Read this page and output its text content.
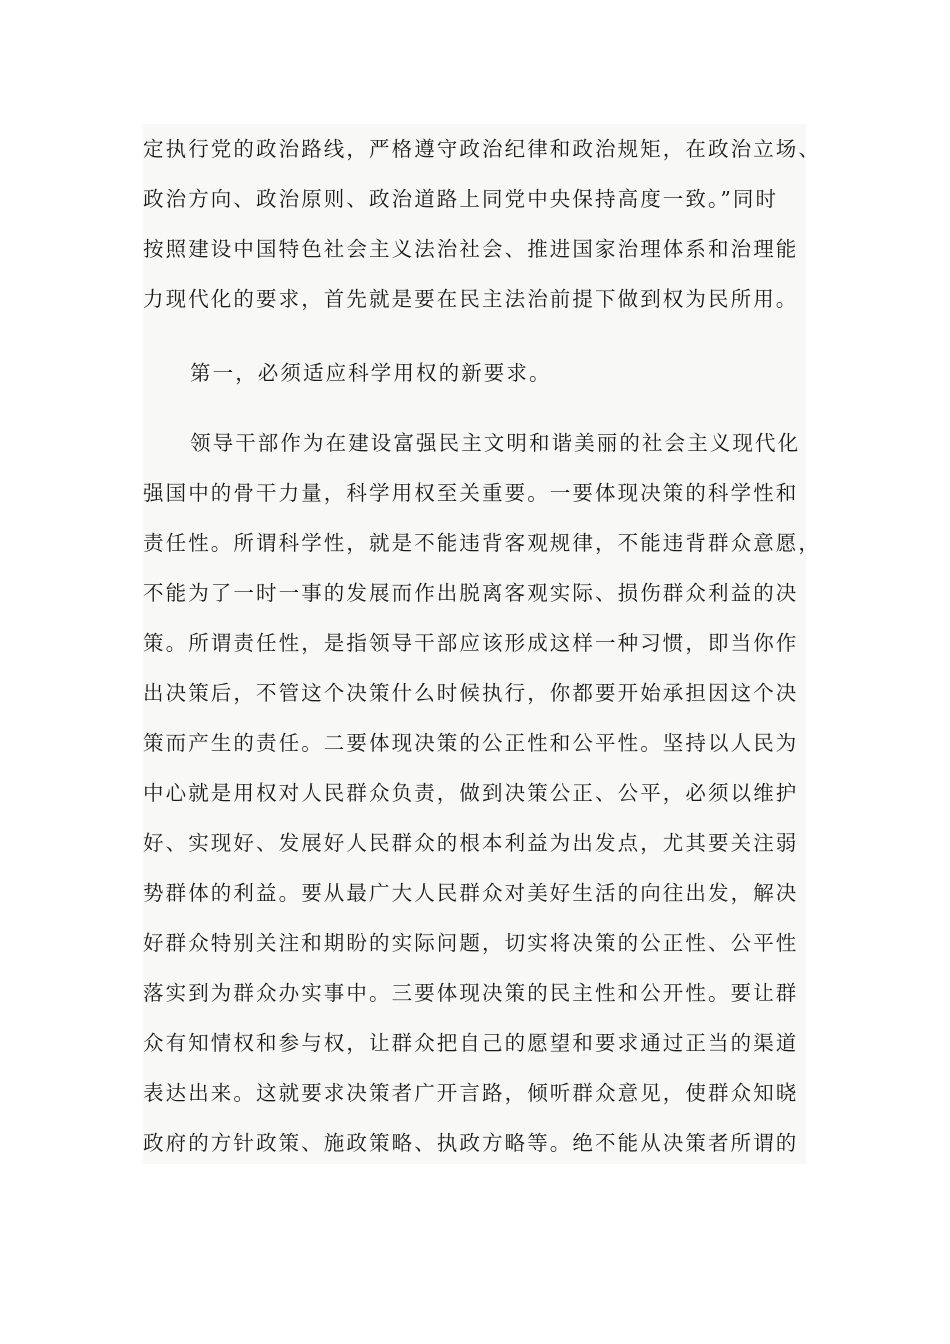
定执行党的政治路线，严格遵守政治纪律和政治规矩，在政治立场、
政治方向、政治原则、政治道路上同党中央保持高度一致。”同时
按照建设中国特色社会主义法治社会、推进国家治理体系和治理能
力现代化的要求，首先就是要在民主法治前提下做到权为民所用。
第一，必须适应科学用权的新要求。
领导干部作为在建设富强民主文明和谐美丽的社会主义现代化
强国中的骨干力量，科学用权至关重要。一要体现决策的科学性和
责任性。所谓科学性，就是不能违背客观规律，不能违背群众意愿，
不能为了一时一事的发展而作出脱离客观实际、损伤群众利益的决
策。所谓责任性，是指领导干部应该形成这样一种习惯，即当你作
出决策后，不管这个决策什么时候执行，你都要开始承担因这个决
策而产生的责任。二要体现决策的公正性和公平性。坚持以人民为
中心就是用权对人民群众负责，做到决策公正、公平，必须以维护
好、实现好、发展好人民群众的根本利益为出发点，尤其要关注弱
势群体的利益。要从最广大人民群众对美好生活的向往出发，解决
好群众特别关注和期盼的实际问题，切实将决策的公正性、公平性
落实到为群众办实事中。三要体现决策的民主性和公开性。要让群
众有知情权和参与权，让群众把自己的愿望和要求通过正当的渠道
表达出来。这就要求决策者广开言路，倾听群众意见，使群众知晓
政府的方针政策、施政策略、执政方略等。绝不能从决策者所谓的
